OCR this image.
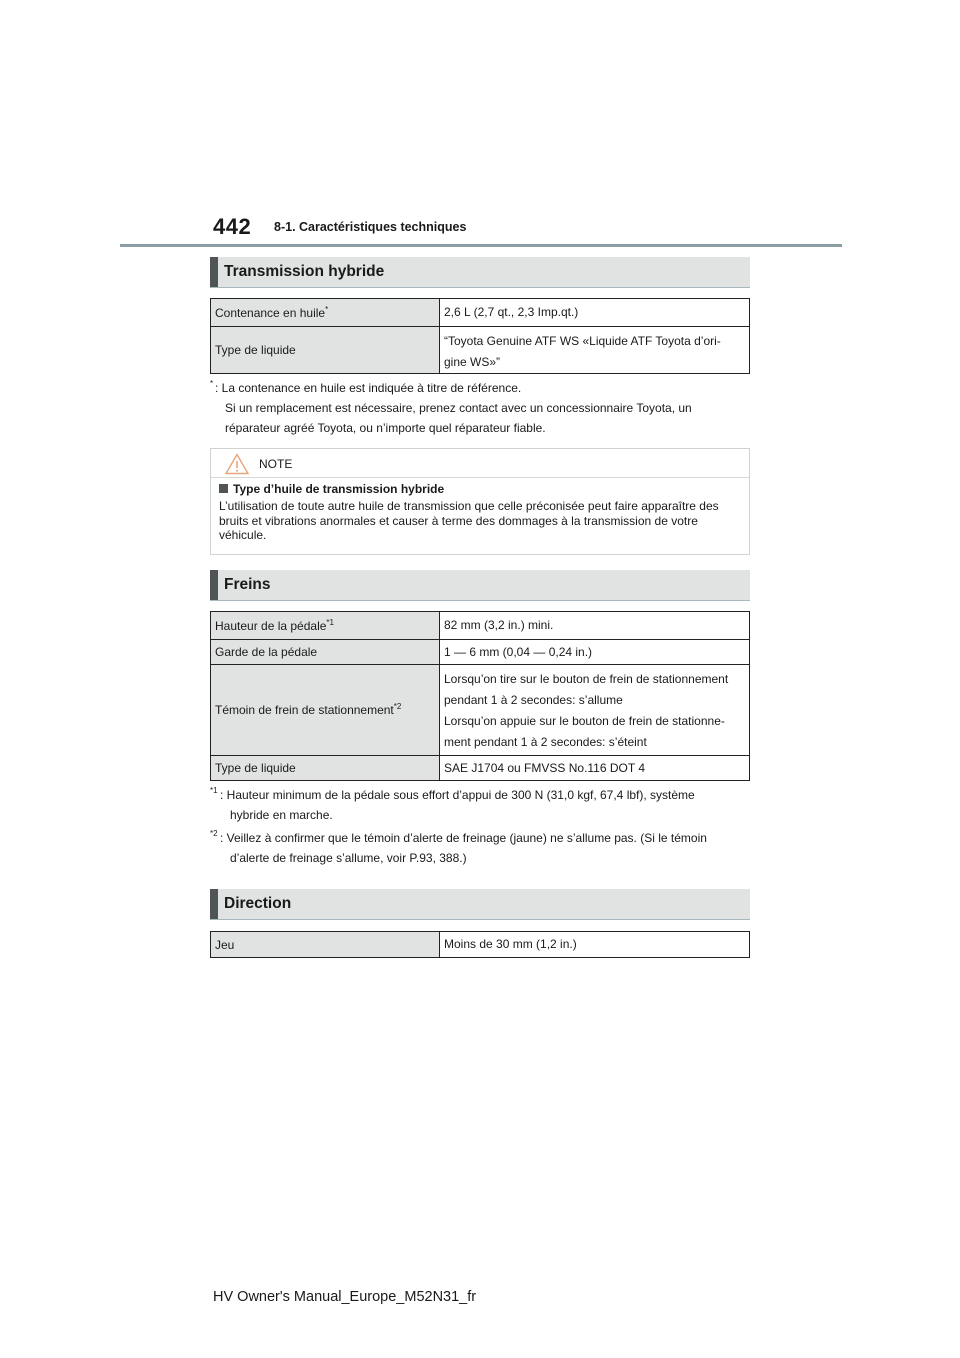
442 8-1. Caractéristiques techniques
Transmission hybride
Contenance en huile*	2,6 L (2,7 qt., 2,3 Imp.qt.)

Type de liquide	“Toyota Genuine ATF WS «Liquide ATF Toyota d’ori-
gine WS»”
* : La contenance en huile est indiquée à titre de référence.
Si un remplacement est nécessaire, prenez contact avec un concessionnaire Toyota, un
réparateur agréé Toyota, ou n’importe quel réparateur fiable.
NOTE
Type d’huile de transmission hybride
L’utilisation de toute autre huile de transmission que celle préconisée peut faire apparaître des bruits et vibrations anormales et causer à terme des dommages à la transmission de votre véhicule.
Freins
Hauteur de la pédale$^{*1}$	82 mm (3,2 in.) mini.

Garde de la pédale	1 — 6 mm (0,04 — 0,24 in.)

Témoin de frein de stationnement$^{*2}$	Lorsqu’on tire sur le bouton de frein de stationnement
pendant 1 à 2 secondes: s’allume
Lorsqu’on appuie sur le bouton de frein de stationne-
ment pendant 1 à 2 secondes: s’éteint

Type de liquide	SAE J1704 ou FMVSS No.116 DOT 4
*1 : Hauteur minimum de la pédale sous effort d’appui de 300 N (31,0 kgf, 67,4 lbf), système
hybride en marche.
*2 : Veillez à confirmer que le témoin d’alerte de freinage (jaune) ne s’allume pas. (Si le témoin
d’alerte de freinage s’allume, voir P.93, 388.)
Direction
Jeu	Moins de 30 mm (1,2 in.)
HV Owner's Manual_Europe_M52N31_fr
